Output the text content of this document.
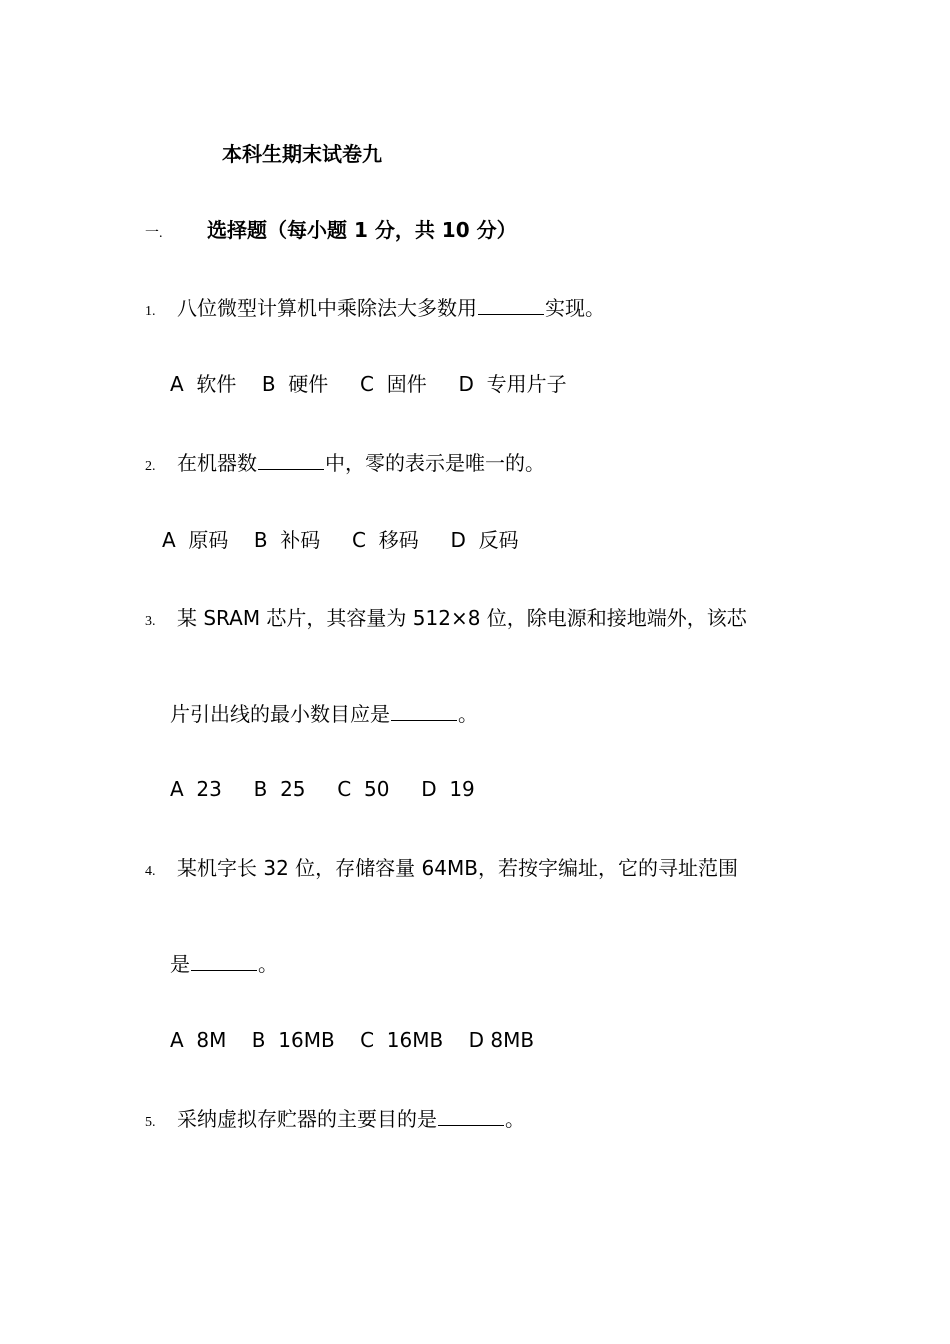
本科生期末试卷九
一. 选择题（每小题 1 分，共 10 分）
1. 八位微型计算机中乘除法大多数用	实现。
A  软件    B  硬件     C  固件     D  专用片子
2. 在机器数	中，零的表示是唯一的。
A  原码    B  补码     C  移码     D  反码
3. 某 SRAM 芯片，其容量为 512×8 位，除电源和接地端外，该芯
片引出线的最小数目应是	。
A  23     B  25     C  50     D  19
4. 某机字长 32 位，存储容量 64MB，若按字编址，它的寻址范围
是	。
A  8M    B  16MB    C  16MB    D 8MB
5. 采纳虚拟存贮器的主要目的是	。
